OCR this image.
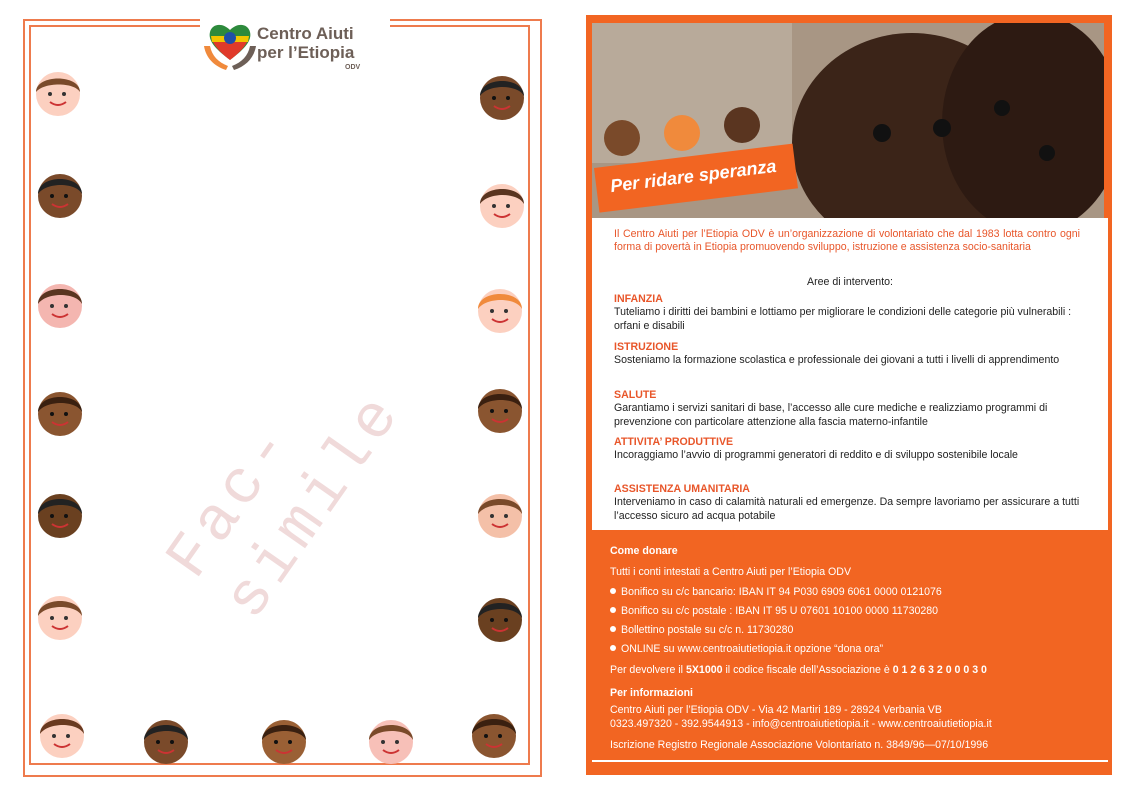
Fac-simile
Centro Aiuti
per l’Etiopia
ODV
Per ridare speranza
Il Centro Aiuti per l’Etiopia ODV è un’organizzazione di volontariato che dal 1983 lotta contro ogni forma di povertà in Etiopia promuovendo sviluppo, istruzione e assistenza socio-sanitaria
Aree di intervento:
INFANZIA
Tuteliamo i diritti dei bambini e lottiamo per migliorare le condizioni delle categorie più vulnerabili : orfani e disabili
ISTRUZIONE
Sosteniamo la formazione scolastica e professionale dei giovani a tutti i livelli di apprendimento
SALUTE
Garantiamo i servizi sanitari di base, l’accesso alle cure mediche e realizziamo programmi di prevenzione con particolare attenzione alla fascia materno-infantile
ATTIVITA’ PRODUTTIVE
Incoraggiamo l’avvio di programmi generatori di reddito e di sviluppo sostenibile locale
ASSISTENZA UMANITARIA
Interveniamo in caso di calamità naturali ed emergenze. Da sempre lavoriamo per assicurare a tutti l’accesso sicuro ad acqua potabile
Come donare
Tutti i conti intestati a Centro Aiuti per l’Etiopia ODV
Bonifico su c/c bancario: IBAN IT 94 P030 6909 6061 0000 0121076
Bonifico su c/c postale : IBAN IT 95 U 07601 10100 0000 11730280
Bollettino postale su c/c n. 11730280
ONLINE su www.centroaiutietiopia.it opzione “dona ora”
Per devolvere il 5X1000 il codice fiscale dell’Associazione è 0 1 2 6 3 2 0 0 0 3 0
Per informazioni
Centro Aiuti per l’Etiopia ODV - Via 42 Martiri 189 - 28924 Verbania VB
0323.497320 - 392.9544913 - info@centroaiutietiopia.it - www.centroaiutietiopia.it
Iscrizione Registro Regionale Associazione Volontariato n. 3849/96—07/10/1996
